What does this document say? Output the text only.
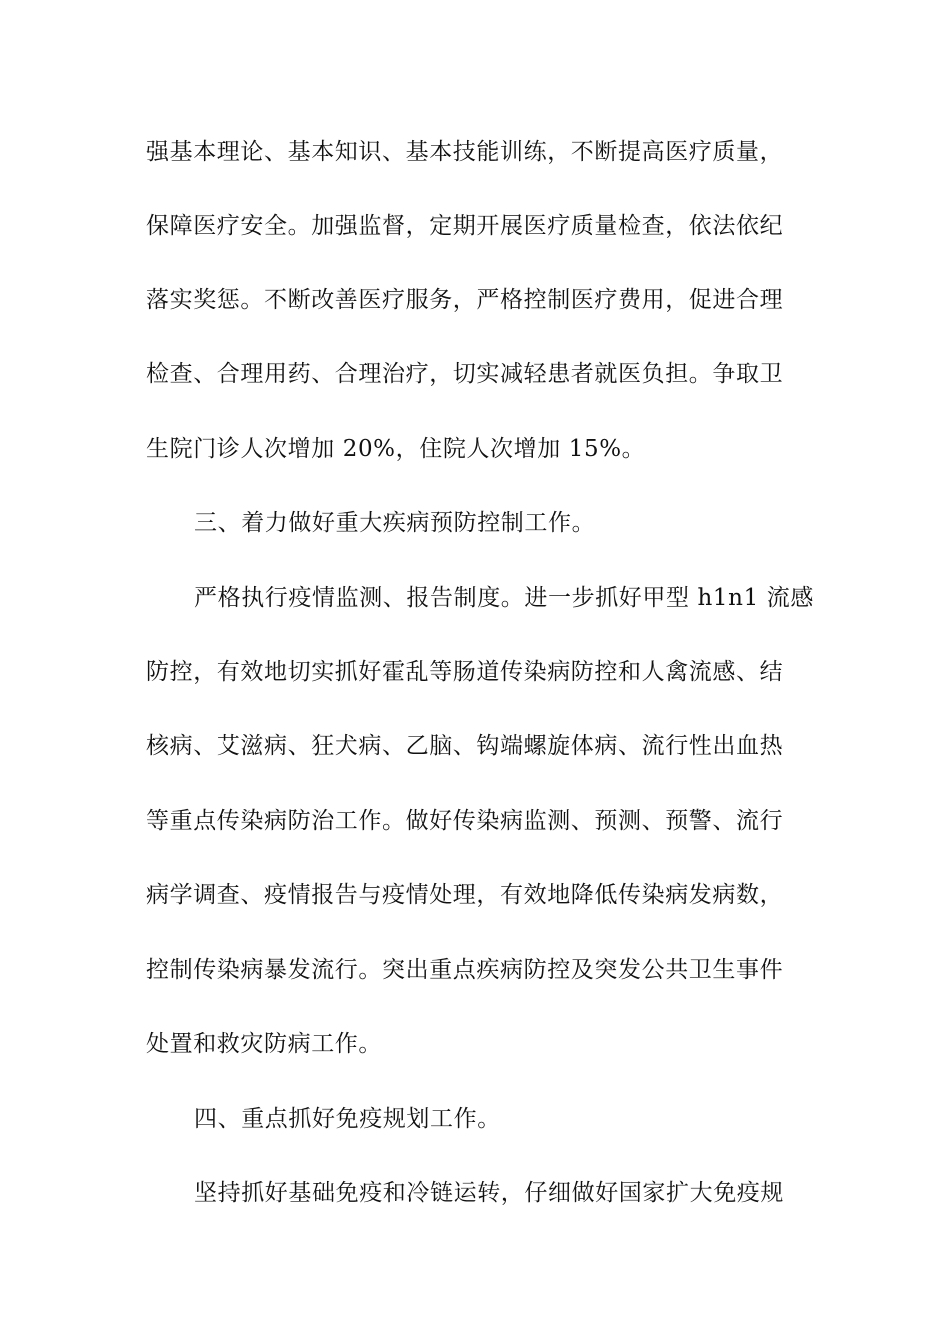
强基本理论、基本知识、基本技能训练，不断提高医疗质量，
保障医疗安全。加强监督，定期开展医疗质量检查，依法依纪
落实奖惩。不断改善医疗服务，严格控制医疗费用，促进合理
检查、合理用药、合理治疗，切实减轻患者就医负担。争取卫
生院门诊人次增加 20%，住院人次增加 15%。
三、着力做好重大疾病预防控制工作。
严格执行疫情监测、报告制度。进一步抓好甲型 h1n1 流感
防控，有效地切实抓好霍乱等肠道传染病防控和人禽流感、结
核病、艾滋病、狂犬病、乙脑、钩端螺旋体病、流行性出血热
等重点传染病防治工作。做好传染病监测、预测、预警、流行
病学调查、疫情报告与疫情处理，有效地降低传染病发病数，
控制传染病暴发流行。突出重点疾病防控及突发公共卫生事件
处置和救灾防病工作。
四、重点抓好免疫规划工作。
坚持抓好基础免疫和冷链运转，仔细做好国家扩大免疫规
